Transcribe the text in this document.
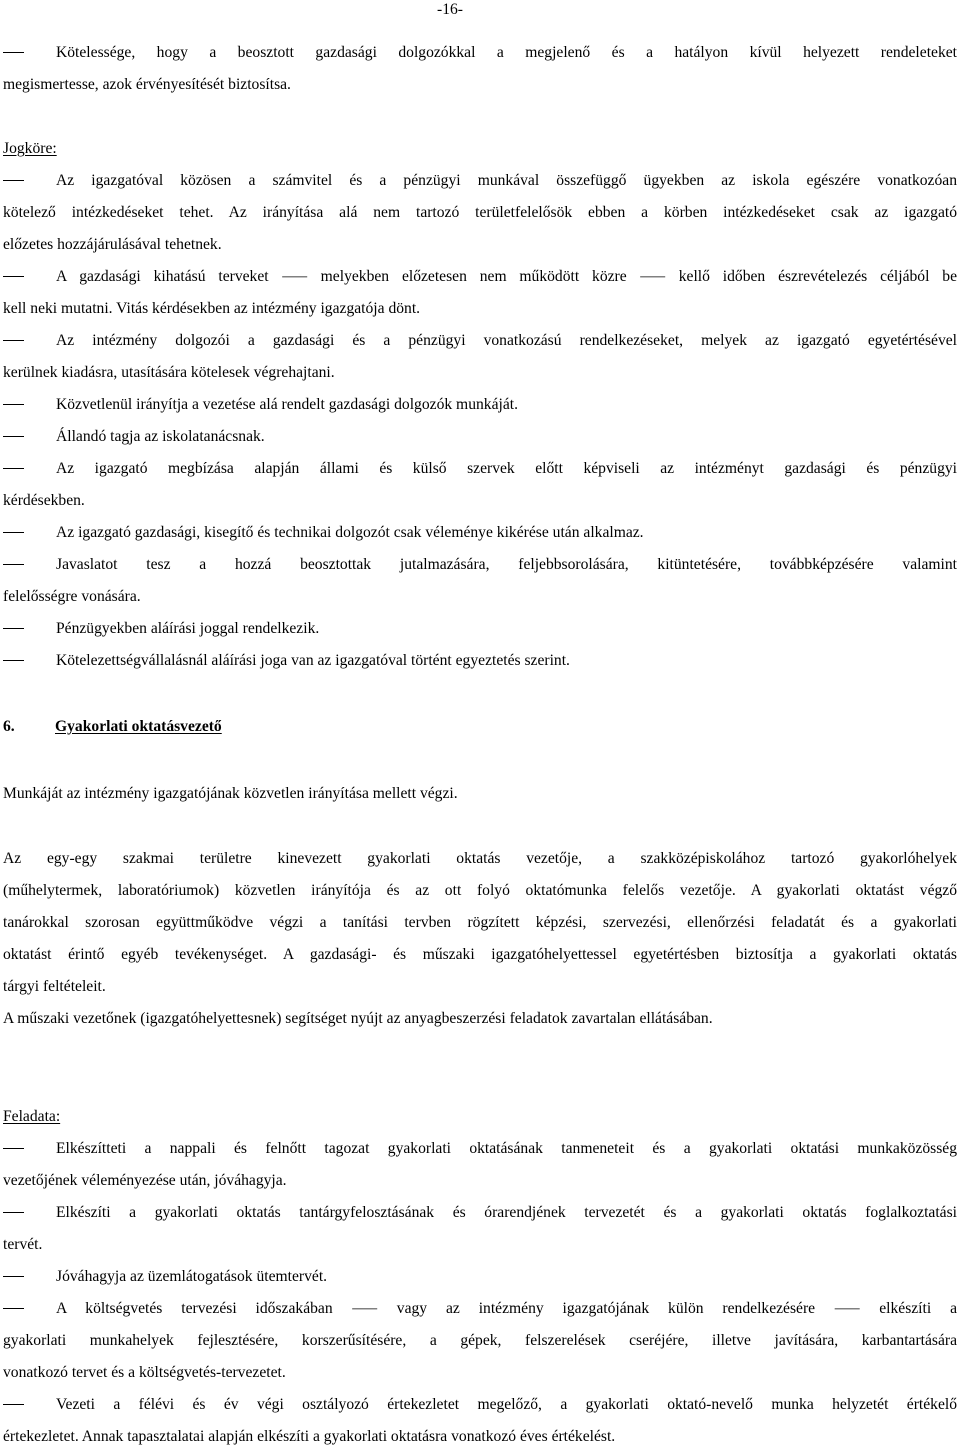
-16-
Kötelessége, hogy a beosztott gazdasági dolgozókkal a megjelenő és a hatályon kívül helyezett rendeleteket
megismertesse, azok érvényesítését biztosítsa.
Jogköre:
Az igazgatóval közösen a számvitel és a pénzügyi munkával összefüggő ügyekben az iskola egészére vonatkozóan
kötelező intézkedéseket tehet. Az irányítása alá nem tartozó területfelelősök ebben a körben intézkedéseket csak az igazgató
előzetes hozzájárulásával tehetnek.
A gazdasági kihatású terveket ⸺ melyekben előzetesen nem működött közre ⸺ kellő időben észrevételezés céljából be
kell neki mutatni. Vitás kérdésekben az intézmény igazgatója dönt.
Az intézmény dolgozói a gazdasági és a pénzügyi vonatkozású rendelkezéseket, melyek az igazgató egyetértésével
kerülnek kiadásra, utasítására kötelesek végrehajtani.
Közvetlenül irányítja a vezetése alá rendelt gazdasági dolgozók munkáját.
Állandó tagja az iskolatanácsnak.
Az igazgató megbízása alapján állami és külső szervek előtt képviseli az intézményt gazdasági és pénzügyi
kérdésekben.
Az igazgató gazdasági, kisegítő és technikai dolgozót csak véleménye kikérése után alkalmaz.
Javaslatot tesz a hozzá beosztottak jutalmazására, feljebbsorolására, kitüntetésére, továbbképzésére valamint
felelősségre vonására.
Pénzügyekben aláírási joggal rendelkezik.
Kötelezettségvállalásnál aláírási joga van az igazgatóval történt egyeztetés szerint.
6.	Gyakorlati oktatásvezető
Munkáját az intézmény igazgatójának közvetlen irányítása mellett végzi.
Az egy-egy szakmai területre kinevezett gyakorlati oktatás vezetője, a szakközépiskolához tartozó gyakorlóhelyek
(műhelytermek, laboratóriumok) közvetlen irányítója és az ott folyó oktatómunka felelős vezetője. A gyakorlati oktatást végző
tanárokkal szorosan együttműködve végzi a tanítási tervben rögzített képzési, szervezési, ellenőrzési feladatát és a gyakorlati
oktatást érintő egyéb tevékenységet. A gazdasági- és műszaki igazgatóhelyettessel egyetértésben biztosítja a gyakorlati oktatás
tárgyi feltételeit.
A műszaki vezetőnek (igazgatóhelyettesnek) segítséget nyújt az anyagbeszerzési feladatok zavartalan ellátásában.
Feladata:
Elkészítteti a nappali és felnőtt tagozat gyakorlati oktatásának tanmeneteit és a gyakorlati oktatási munkaközösség
vezetőjének véleményezése után, jóváhagyja.
Elkészíti a gyakorlati oktatás tantárgyfelosztásának és órarendjének tervezetét és a gyakorlati oktatás foglalkoztatási
tervét.
Jóváhagyja az üzemlátogatások ütemtervét.
A költségvetés tervezési időszakában ⸺ vagy az intézmény igazgatójának külön rendelkezésére ⸺ elkészíti a
gyakorlati munkahelyek fejlesztésére, korszerűsítésére, a gépek, felszerelések cseréjére, illetve javítására, karbantartására
vonatkozó tervet és a költségvetés-tervezetet.
Vezeti a félévi és év végi osztályozó értekezletet megelőző, a gyakorlati oktató-nevelő munka helyzetét értékelő
értekezletet. Annak tapasztalatai alapján elkészíti a gyakorlati oktatásra vonatkozó éves értékelést.
